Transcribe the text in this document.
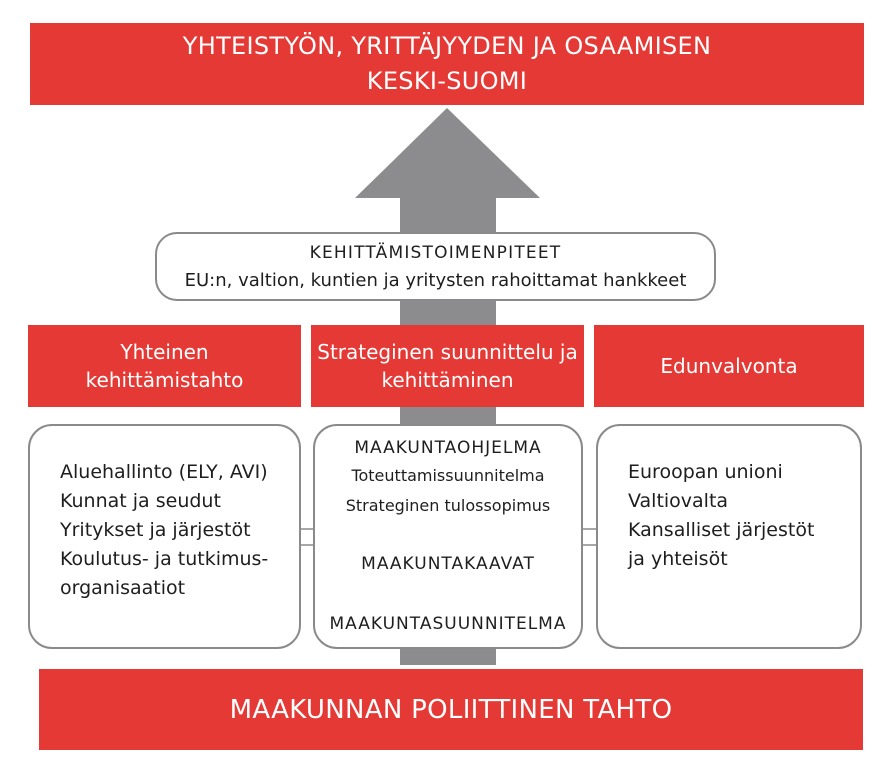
YHTEISTYÖN, YRITTÄJYYDEN JA OSAAMISEN
KESKI-SUOMI
KEHITTÄMISTOIMENPITEET
EU:n, valtion, kuntien ja yritysten rahoittamat hankkeet
Yhteinen
kehittämistahto
Strateginen suunnittelu ja
kehittäminen
Edunvalvonta
Aluehallinto (ELY, AVI)
Kunnat ja seudut
Yritykset ja järjestöt
Koulutus- ja tutkimus-
organisaatiot
MAAKUNTAOHJELMA
Toteuttamissuunnitelma
Strateginen tulossopimus
MAAKUNTAKAAVAT
MAAKUNTASUUNNITELMA
Euroopan unioni
Valtiovalta
Kansalliset järjestöt
ja yhteisöt
MAAKUNNAN POLIITTINEN TAHTO
